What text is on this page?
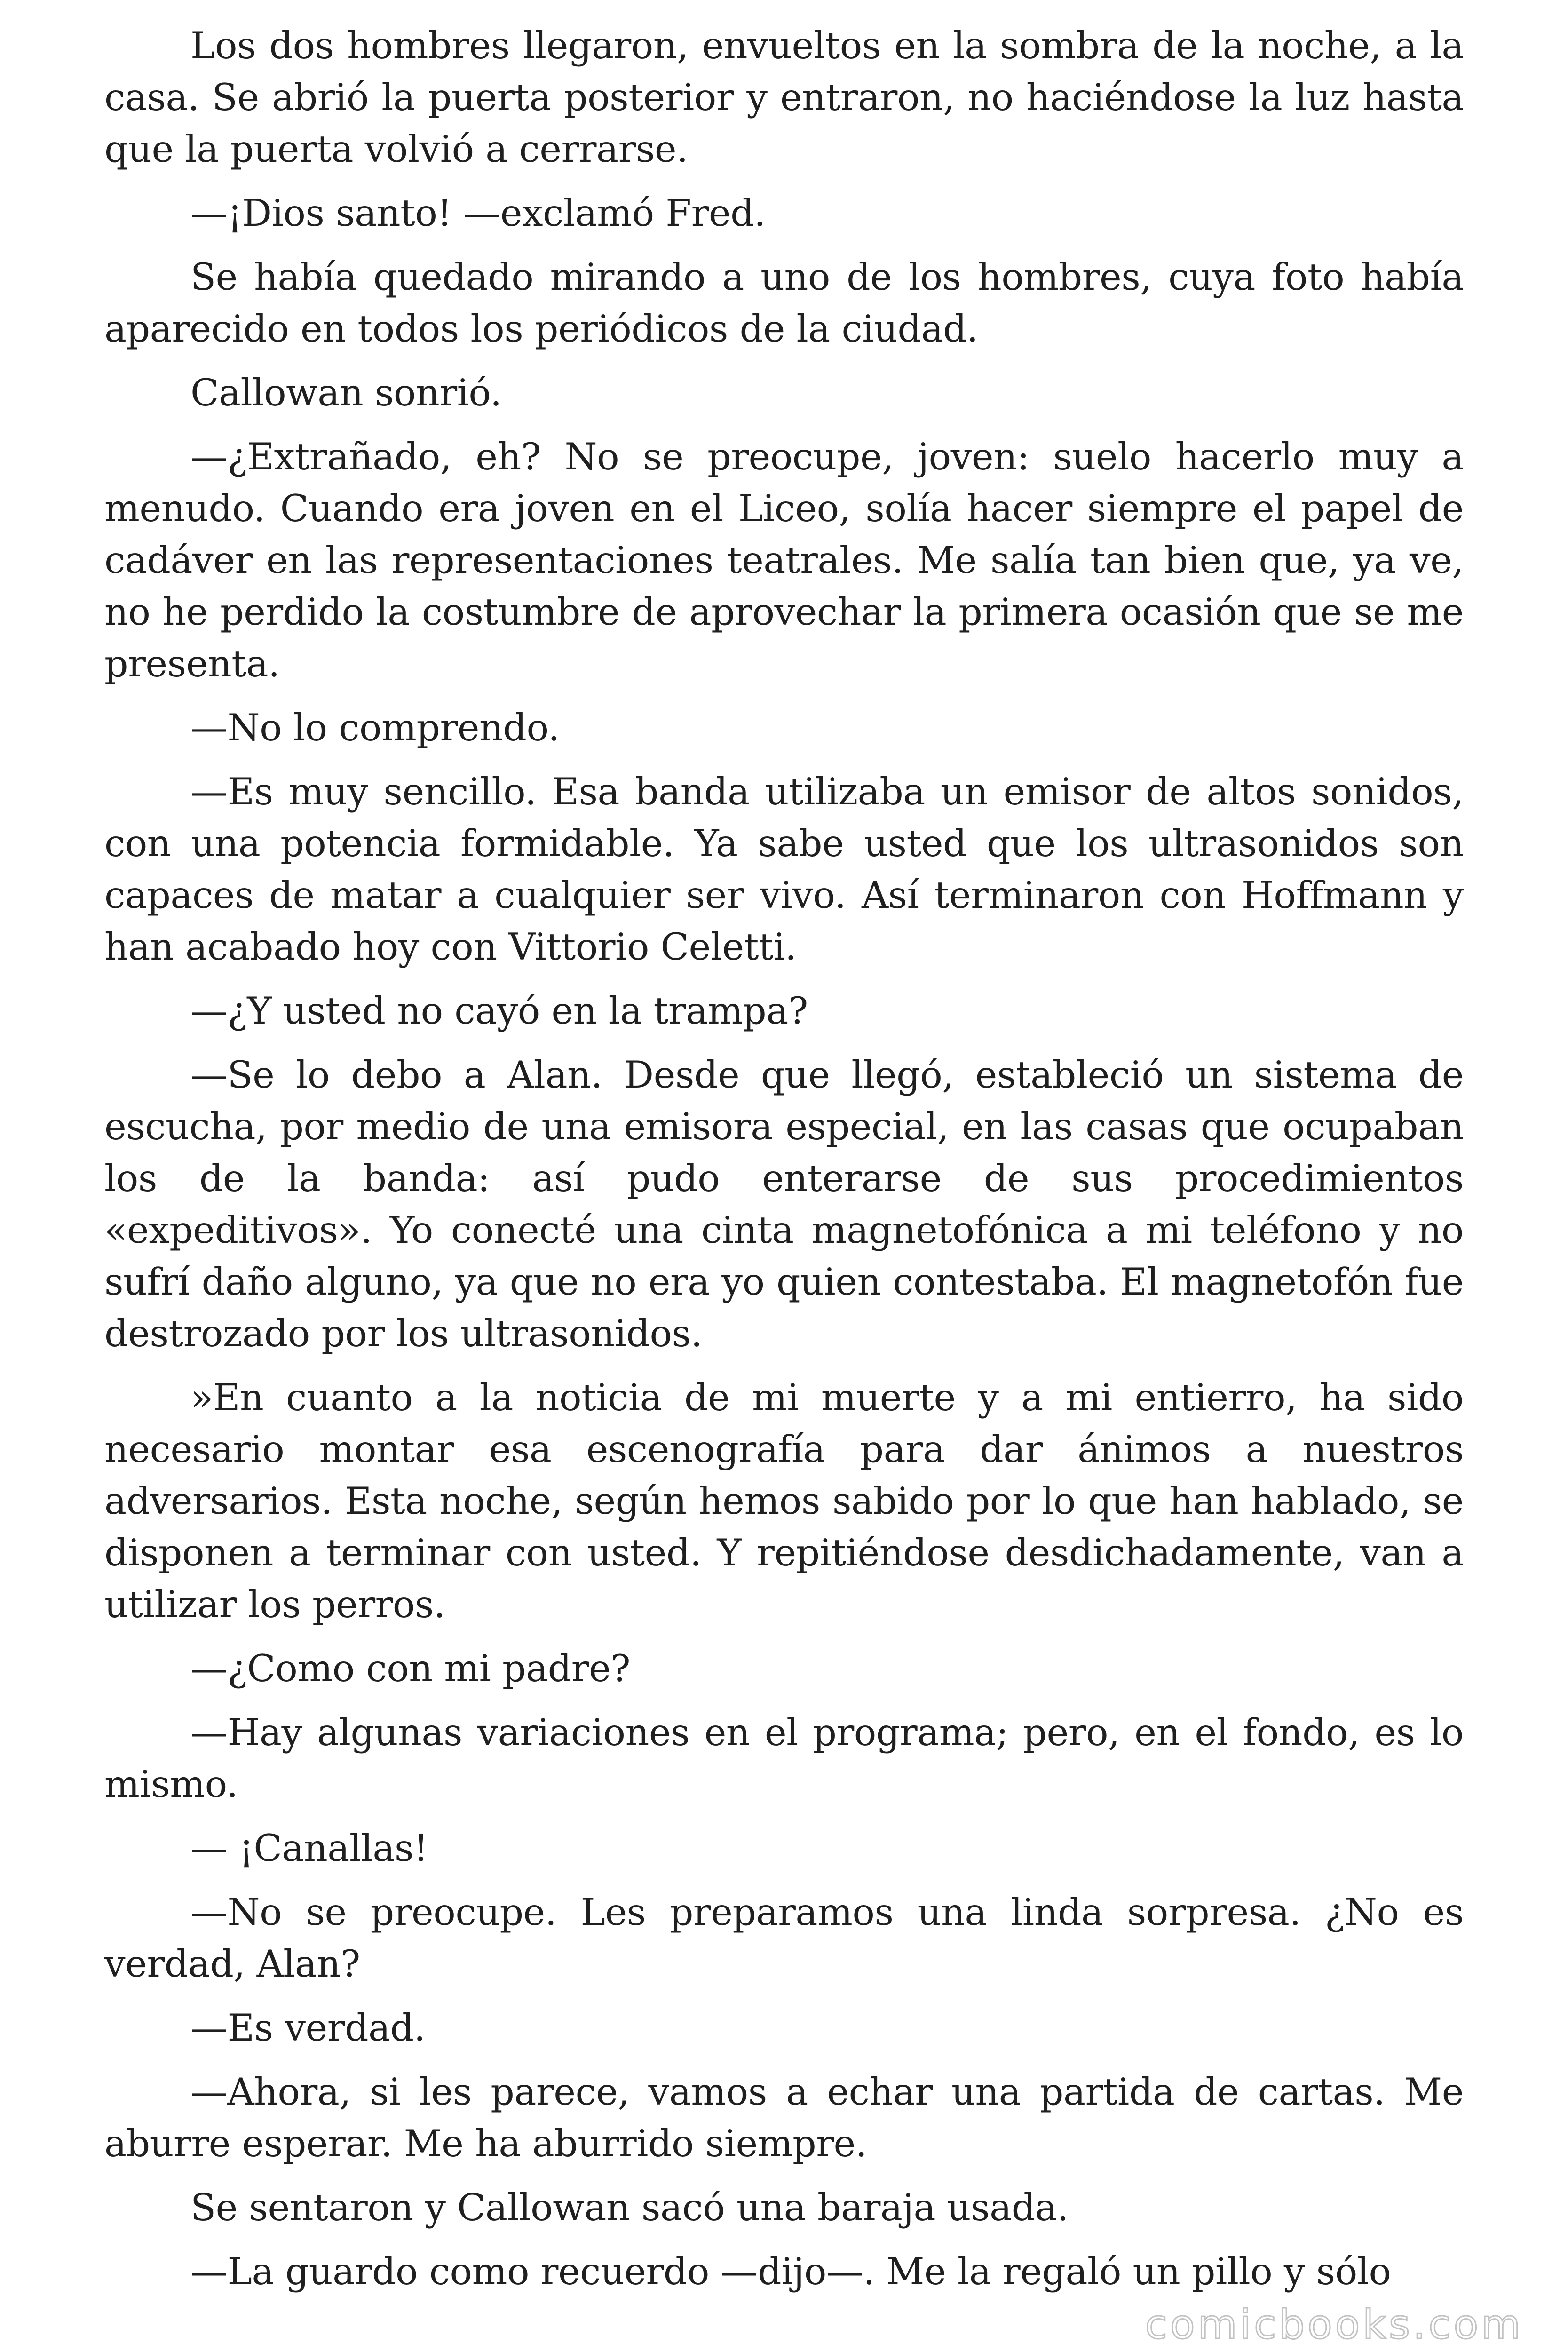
Los dos hombres llegaron, envueltos en la sombra de la noche, a la casa. Se abrió la puerta posterior y entraron, no haciéndose la luz hasta que la puerta volvió a cerrarse.

—¡Dios santo! —exclamó Fred.

Se había quedado mirando a uno de los hombres, cuya foto había aparecido en todos los periódicos de la ciudad.

Callowan sonrió.

—¿Extrañado, eh? No se preocupe, joven: suelo hacerlo muy a menudo. Cuando era joven en el Liceo, solía hacer siempre el papel de cadáver en las representaciones teatrales. Me salía tan bien que, ya ve, no he perdido la costumbre de aprovechar la primera ocasión que se me presenta.

—No lo comprendo.

—Es muy sencillo. Esa banda utilizaba un emisor de altos sonidos, con una potencia formidable. Ya sabe usted que los ultrasonidos son capaces de matar a cualquier ser vivo. Así terminaron con Hoffmann y han acabado hoy con Vittorio Celetti.

—¿Y usted no cayó en la trampa?

—Se lo debo a Alan. Desde que llegó, estableció un sistema de escucha, por medio de una emisora especial, en las casas que ocupaban los de la banda: así pudo enterarse de sus procedimientos «expeditivos». Yo conecté una cinta magnetofónica a mi teléfono y no sufrí daño alguno, ya que no era yo quien contestaba. El magnetofón fue destrozado por los ultrasonidos.

»En cuanto a la noticia de mi muerte y a mi entierro, ha sido necesario montar esa escenografía para dar ánimos a nuestros adversarios. Esta noche, según hemos sabido por lo que han hablado, se disponen a terminar con usted. Y repitiéndose desdichadamente, van a utilizar los perros.

—¿Como con mi padre?

—Hay algunas variaciones en el programa; pero, en el fondo, es lo mismo.

— ¡Canallas!

—No se preocupe. Les preparamos una linda sorpresa. ¿No es verdad, Alan?

—Es verdad.

—Ahora, si les parece, vamos a echar una partida de cartas. Me aburre esperar. Me ha aburrido siempre.

Se sentaron y Callowan sacó una baraja usada.

—La guardo como recuerdo —dijo—. Me la regaló un pillo y sólo

comicbooks.com
